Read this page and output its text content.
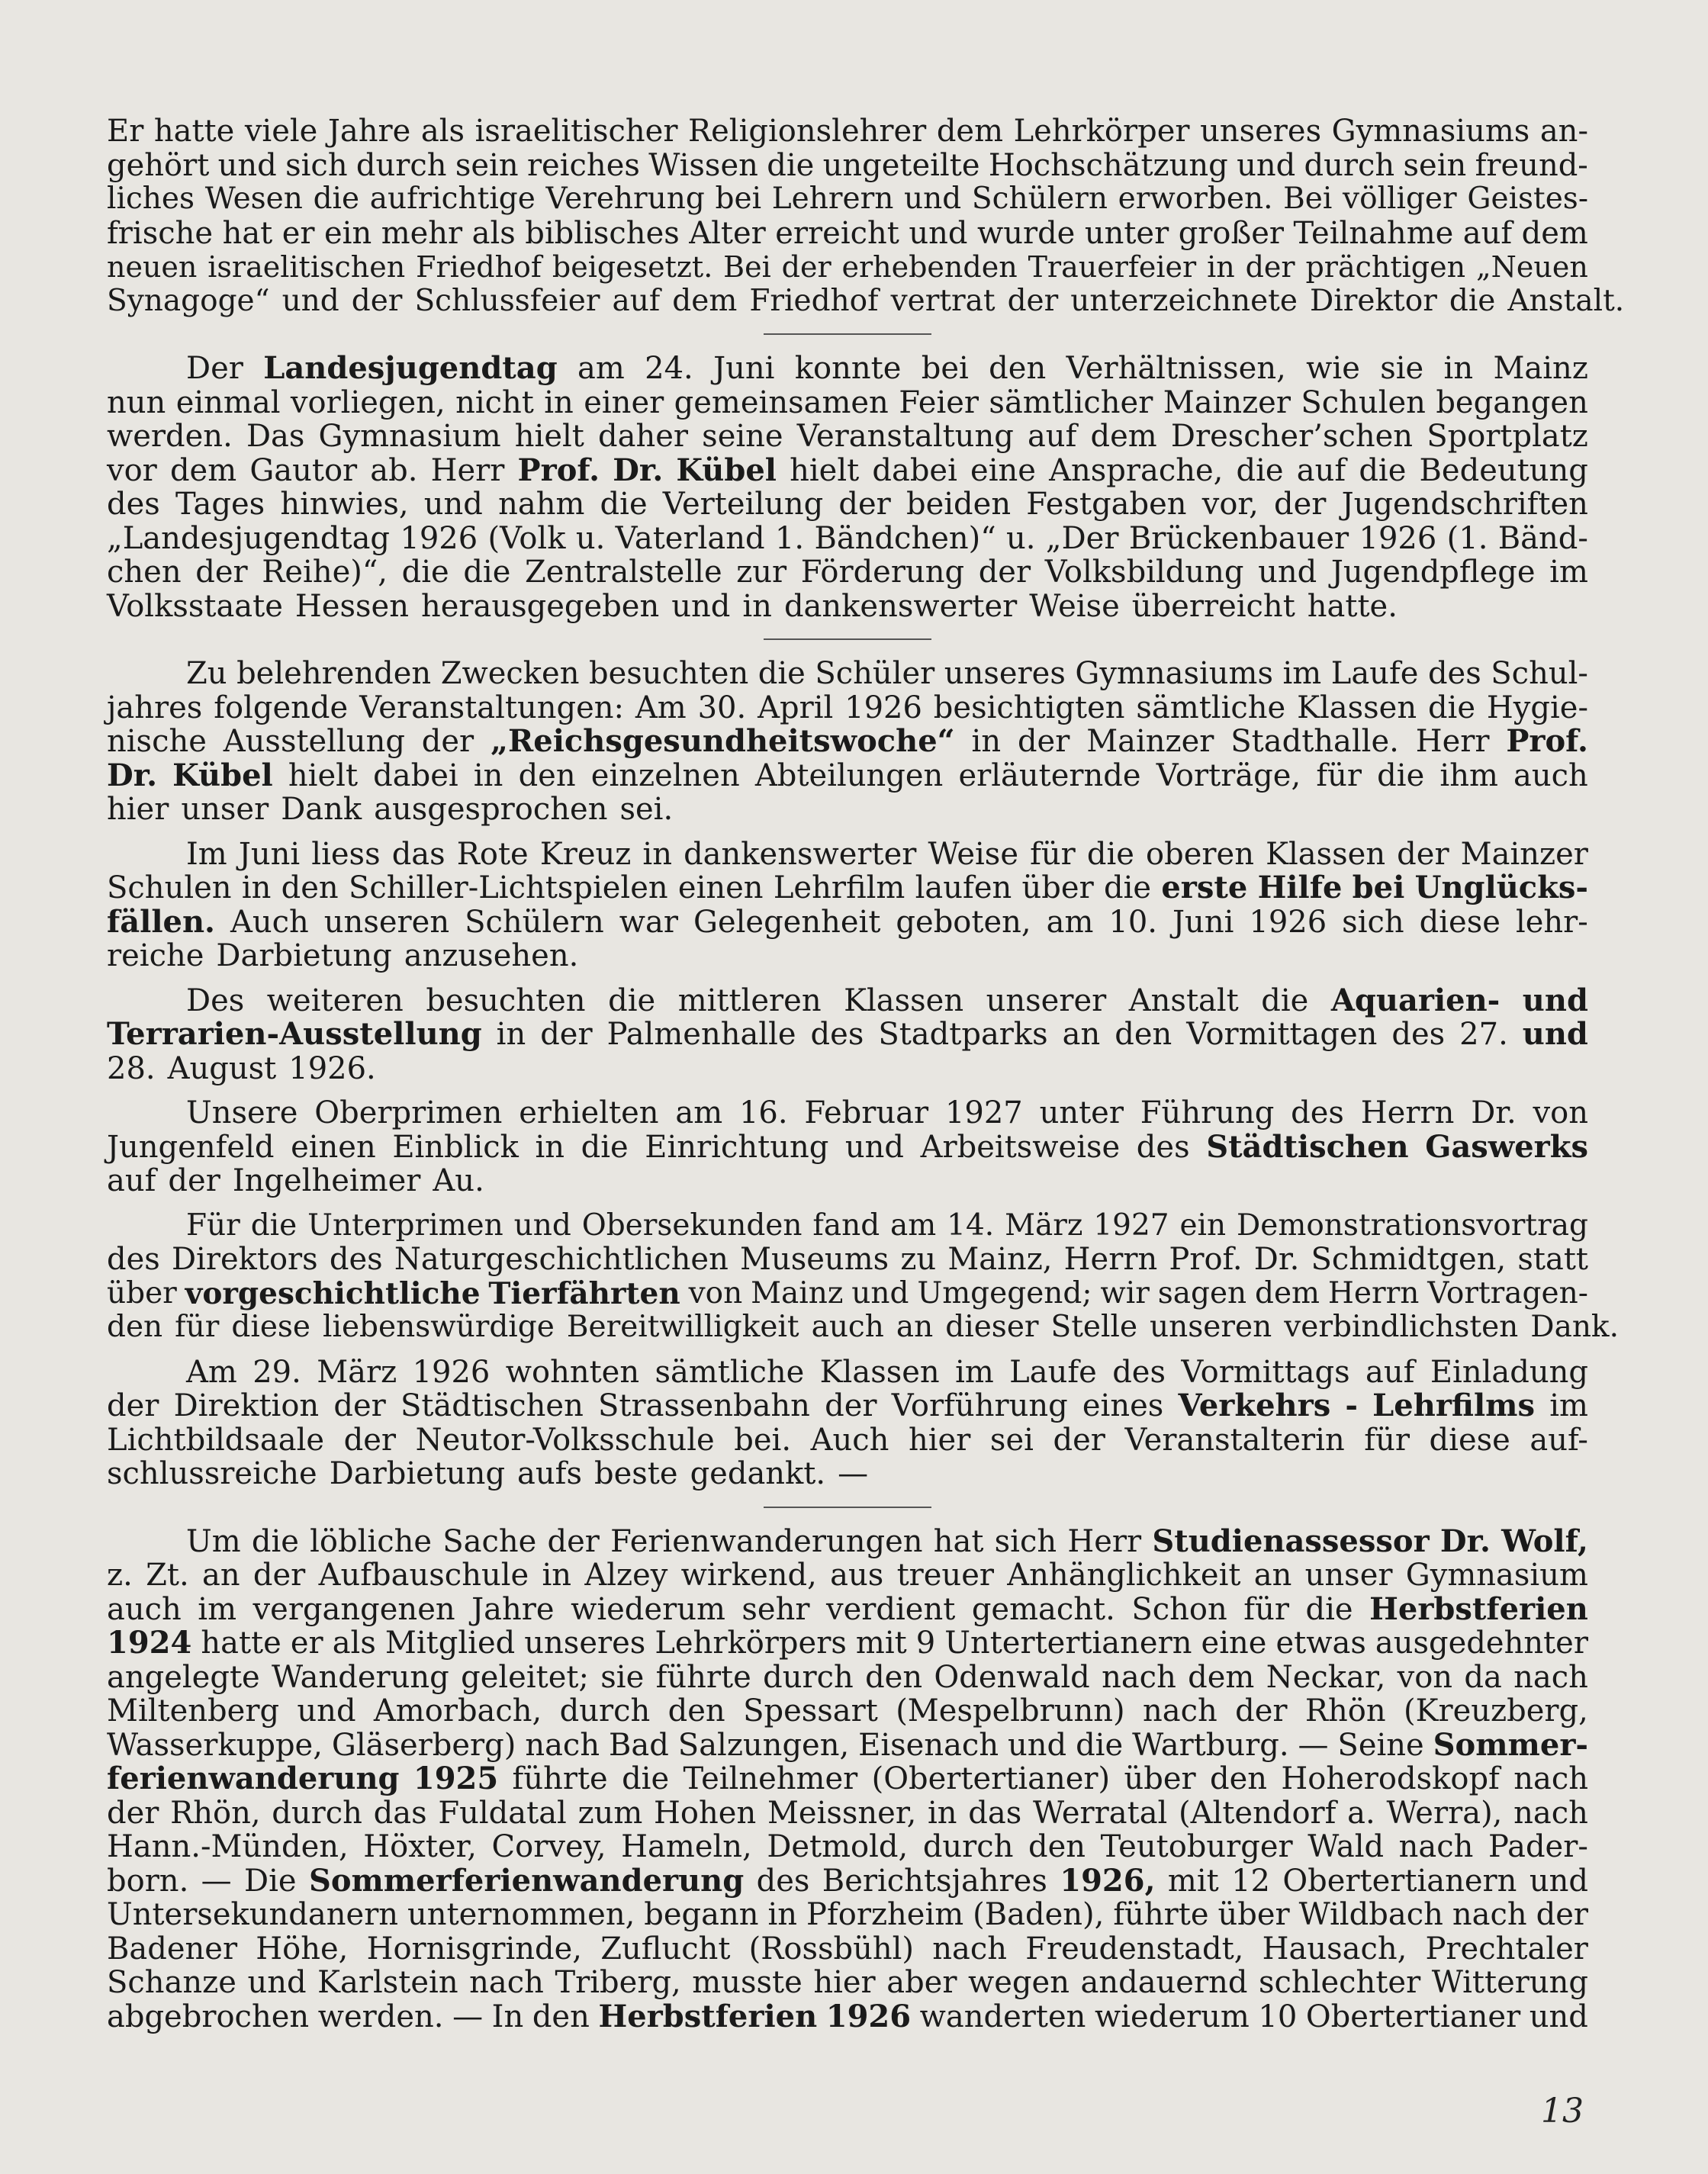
Er hatte viele Jahre als israelitischer Religionslehrer dem Lehrkörper unseres Gymnasiums an-
gehört und sich durch sein reiches Wissen die ungeteilte Hochschätzung und durch sein freund-
liches Wesen die aufrichtige Verehrung bei Lehrern und Schülern erworben. Bei völliger Geistes-
frische hat er ein mehr als biblisches Alter erreicht und wurde unter großer Teilnahme auf dem
neuen israelitischen Friedhof beigesetzt. Bei der erhebenden Trauerfeier in der prächtigen „Neuen
Synagoge“ und der Schlussfeier auf dem Friedhof vertrat der unterzeichnete Direktor die Anstalt.
Der Landesjugendtag am 24. Juni konnte bei den Verhältnissen, wie sie in Mainz
nun einmal vorliegen, nicht in einer gemeinsamen Feier sämtlicher Mainzer Schulen begangen
werden. Das Gymnasium hielt daher seine Veranstaltung auf dem Drescher’schen Sportplatz
vor dem Gautor ab. Herr Prof. Dr. Kübel hielt dabei eine Ansprache, die auf die Bedeutung
des Tages hinwies, und nahm die Verteilung der beiden Festgaben vor, der Jugendschriften
„Landesjugendtag 1926 (Volk u. Vaterland 1. Bändchen)“ u. „Der Brückenbauer 1926 (1. Bänd-
chen der Reihe)“, die die Zentralstelle zur Förderung der Volksbildung und Jugendpflege im
Volksstaate Hessen herausgegeben und in dankenswerter Weise überreicht hatte.
Zu belehrenden Zwecken besuchten die Schüler unseres Gymnasiums im Laufe des Schul-
jahres folgende Veranstaltungen: Am 30. April 1926 besichtigten sämtliche Klassen die Hygie-
nische Ausstellung der „Reichsgesundheitswoche“ in der Mainzer Stadthalle. Herr Prof.
Dr. Kübel hielt dabei in den einzelnen Abteilungen erläuternde Vorträge, für die ihm auch
hier unser Dank ausgesprochen sei.
Im Juni liess das Rote Kreuz in dankenswerter Weise für die oberen Klassen der Mainzer
Schulen in den Schiller-Lichtspielen einen Lehrfilm laufen über die erste Hilfe bei Unglücks-
fällen. Auch unseren Schülern war Gelegenheit geboten, am 10. Juni 1926 sich diese lehr-
reiche Darbietung anzusehen.
Des weiteren besuchten die mittleren Klassen unserer Anstalt die Aquarien- und
Terrarien-Ausstellung in der Palmenhalle des Stadtparks an den Vormittagen des 27. und
28. August 1926.
Unsere Oberprimen erhielten am 16. Februar 1927 unter Führung des Herrn Dr. von
Jungenfeld einen Einblick in die Einrichtung und Arbeitsweise des Städtischen Gaswerks
auf der Ingelheimer Au.
Für die Unterprimen und Obersekunden fand am 14. März 1927 ein Demonstrationsvortrag
des Direktors des Naturgeschichtlichen Museums zu Mainz, Herrn Prof. Dr. Schmidtgen, statt
über vorgeschichtliche Tierfährten von Mainz und Umgegend; wir sagen dem Herrn Vortragen-
den für diese liebenswürdige Bereitwilligkeit auch an dieser Stelle unseren verbindlichsten Dank.
Am 29. März 1926 wohnten sämtliche Klassen im Laufe des Vormittags auf Einladung
der Direktion der Städtischen Strassenbahn der Vorführung eines Verkehrs - Lehrfilms im
Lichtbildsaale der Neutor-Volksschule bei. Auch hier sei der Veranstalterin für diese auf-
schlussreiche Darbietung aufs beste gedankt. —
Um die löbliche Sache der Ferienwanderungen hat sich Herr Studienassessor Dr. Wolf,
z. Zt. an der Aufbauschule in Alzey wirkend, aus treuer Anhänglichkeit an unser Gymnasium
auch im vergangenen Jahre wiederum sehr verdient gemacht. Schon für die Herbstferien
1924 hatte er als Mitglied unseres Lehrkörpers mit 9 Untertertianern eine etwas ausgedehnter
angelegte Wanderung geleitet; sie führte durch den Odenwald nach dem Neckar, von da nach
Miltenberg und Amorbach, durch den Spessart (Mespelbrunn) nach der Rhön (Kreuzberg,
Wasserkuppe, Gläserberg) nach Bad Salzungen, Eisenach und die Wartburg. — Seine Sommer-
ferienwanderung 1925 führte die Teilnehmer (Obertertianer) über den Hoherodskopf nach
der Rhön, durch das Fuldatal zum Hohen Meissner, in das Werratal (Altendorf a. Werra), nach
Hann.-Münden, Höxter, Corvey, Hameln, Detmold, durch den Teutoburger Wald nach Pader-
born. — Die Sommerferienwanderung des Berichtsjahres 1926, mit 12 Obertertianern und
Untersekundanern unternommen, begann in Pforzheim (Baden), führte über Wildbach nach der
Badener Höhe, Hornisgrinde, Zuflucht (Rossbühl) nach Freudenstadt, Hausach, Prechtaler
Schanze und Karlstein nach Triberg, musste hier aber wegen andauernd schlechter Witterung
abgebrochen werden. — In den Herbstferien 1926 wanderten wiederum 10 Obertertianer und
13
